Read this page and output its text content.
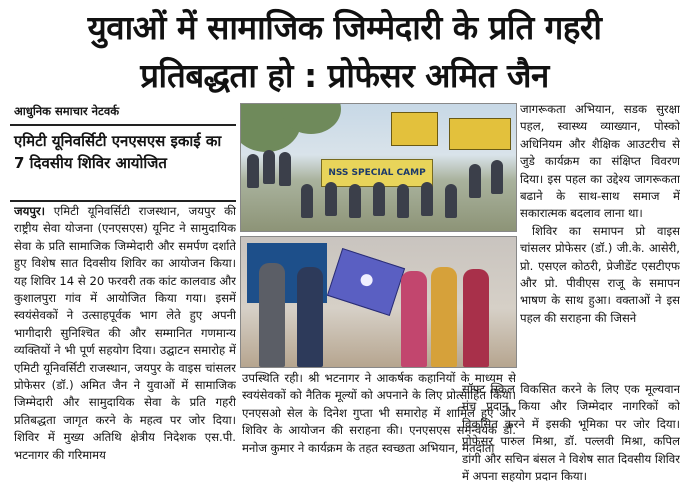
युवाओं में सामाजिक जिम्मेदारी के प्रति गहरी
प्रतिबद्धता हो : प्रोफेसर अमित जैन
आधुनिक समाचार नेटवर्क
एमिटी यूनिवर्सिटी एनएसएस इकाई का 7 दिवसीय शिविर आयोजित

जयपुर। एमिटी यूनिवर्सिटी राजस्थान, जयपुर की राष्ट्रीय सेवा योजना (एनएसएस) यूनिट ने सामुदायिक सेवा के प्रति सामाजिक जिम्मेदारी और समर्पण दर्शाते हुए विशेष सात दिवसीय शिविर का आयोजन किया। यह शिविर 14 से 20 फरवरी तक कांट कालवाड और कुशालपुरा गांव में आयोजित किया गया। इसमें स्वयंसेवकों ने उत्साहपूर्वक भाग लेते हुए अपनी भागीदारी सुनिश्चित की और सम्मानित गणमान्य व्यक्तियों ने भी पूर्ण सहयोग दिया। उद्घाटन समारोह में एमिटी यूनिवर्सिटी राजस्थान, जयपुर के वाइस चांसलर प्रोफेसर (डॉ.) अमित जैन ने युवाओं में सामाजिक जिम्मेदारी और सामुदायिक सेवा के प्रति गहरी प्रतिबद्धता जागृत करने के महत्व पर जोर दिया। शिविर में मुख्य अतिथि क्षेत्रीय निदेशक एस.पी. भटनागर की गरिमामय

NSS SPECIAL CAMP

उपस्थिति रही। श्री भटनागर ने आकर्षक कहानियों के माध्यम से स्वयंसेवकों को नैतिक मूल्यों को अपनाने के लिए प्रोत्साहित किया। एनएसओ सेल के दिनेश गुप्ता भी समारोह में शामिल हुए और शिविर के आयोजन की सराहना की। एनएसएस समन्वयक डॉ. मनोज कुमार ने कार्यक्रम के तहत स्वच्छता अभियान, मतदाता

जागरूकता अभियान, सडक सुरक्षा पहल, स्वास्थ्य व्याख्यान, पोस्को अधिनियम और शैक्षिक आउटरीच से जुडे कार्यक्रम का संक्षिप्त विवरण दिया। इस पहल का उद्देश्य जागरूकता बढाने के साथ-साथ समाज में सकारात्मक बदलाव लाना था।

शिविर का समापन प्रो वाइस चांसलर प्रोफेसर (डॉ.) जी.के. आसेरी, प्रो. एसएल कोठरी, प्रेजीडेंट एसटीएफ और प्रो. पीवीएस राजू के समापन भाषण के साथ हुआ। वक्ताओं ने इस पहल की सराहना की जिसने

सॉफ्ट स्किल विकसित करने के लिए एक मूल्यवान मंच प्रदान किया और जिम्मेदार नागरिकों को विकसित करने में इसकी भूमिका पर जोर दिया। प्रोफेसर पारुल मिश्रा, डॉ. पल्लवी मिश्रा, कपिल डांगी और सचिन बंसल ने विशेष सात दिवसीय शिविर में अपना सहयोग प्रदान किया।
